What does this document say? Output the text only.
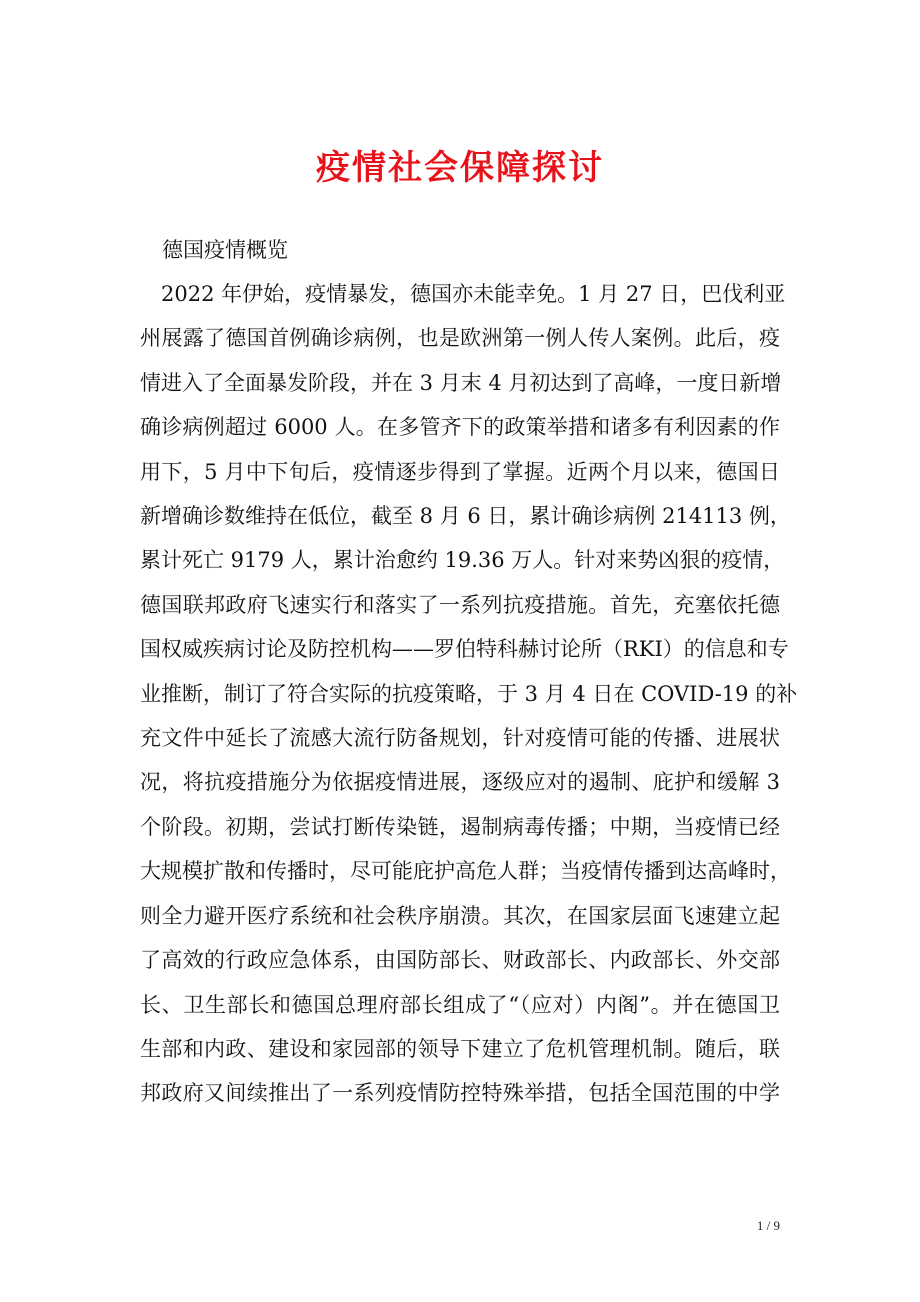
疫情社会保障探讨

德国疫情概览

2022 年伊始，疫情暴发，德国亦未能幸免。1 月 27 日，巴伐利亚
州展露了德国首例确诊病例，也是欧洲第一例人传人案例。此后，疫
情进入了全面暴发阶段，并在 3 月末 4 月初达到了高峰，一度日新增
确诊病例超过 6000 人。在多管齐下的政策举措和诸多有利因素的作
用下，5 月中下旬后，疫情逐步得到了掌握。近两个月以来，德国日
新增确诊数维持在低位，截至 8 月 6 日，累计确诊病例 214113 例，
累计死亡 9179 人，累计治愈约 19.36 万人。针对来势凶狠的疫情，
德国联邦政府飞速实行和落实了一系列抗疫措施。首先，充塞依托德
国权威疾病讨论及防控机构——罗伯特科赫讨论所（RKI）的信息和专
业推断，制订了符合实际的抗疫策略，于 3 月 4 日在 COVID-19 的补
充文件中延长了流感大流行防备规划，针对疫情可能的传播、进展状
况，将抗疫措施分为依据疫情进展，逐级应对的遏制、庇护和缓解 3
个阶段。初期，尝试打断传染链，遏制病毒传播；中期，当疫情已经
大规模扩散和传播时，尽可能庇护高危人群；当疫情传播到达高峰时，
则全力避开医疗系统和社会秩序崩溃。其次，在国家层面飞速建立起
了高效的行政应急体系，由国防部长、财政部长、内政部长、外交部
长、卫生部长和德国总理府部长组成了“（应对）内阁”。并在德国卫
生部和内政、建设和家园部的领导下建立了危机管理机制。随后，联
邦政府又间续推出了一系列疫情防控特殊举措，包括全国范围的中学

1 / 9
